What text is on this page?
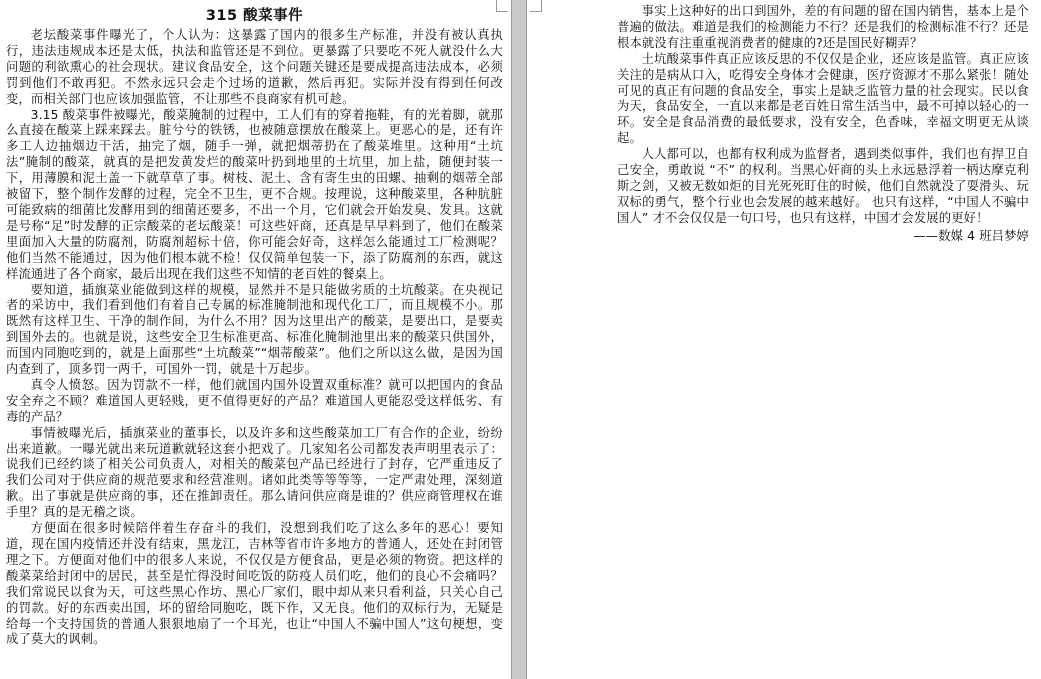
315 酸菜事件

老坛酸菜事件曝光了，个人认为：这暴露了国内的很多生产标准，并没有被认真执行，违法违规成本还是太低，执法和监管还是不到位。更暴露了只要吃不死人就没什么大问题的利欲熏心的社会现状。建议食品安全，这个问题关键还是要成提高违法成本，必须罚到他们不敢再犯。不然永远只会走个过场的道歉，然后再犯。实际并没有得到任何改变，而相关部门也应该加强监管，不让那些不良商家有机可趁。

3.15 酸菜事件被曝光，酸菜腌制的过程中，工人们有的穿着拖鞋，有的光着脚，就那么直接在酸菜上踩来踩去。脏兮兮的铁锈，也被随意摆放在酸菜上。更恶心的是，还有许多工人边抽烟边干活，抽完了烟，随手一弹，就把烟蒂扔在了酸菜堆里。这种用“土坑法”腌制的酸菜，就真的是把发黄发烂的酸菜叶扔到地里的土坑里，加上盐，随便封装一下，用薄膜和泥土盖一下就草草了事。树枝、泥土、含有寄生虫的田螺、抽剩的烟蒂全部被留下，整个制作发酵的过程，完全不卫生，更不合规。按理说，这种酸菜里，各种肮脏可能致病的细菌比发酵用到的细菌还要多，不出一个月，它们就会开始发臭、发具。这就是号称“足”时发酵的正宗酸菜的老坛酸菜！可这些奸商，还真是早早料到了，他们在酸菜里面加入大量的防腐剂，防腐剂超标十倍，你可能会好奇，这样怎么能通过工厂检测呢？他们当然不能通过，因为他们根本就不检！仅仅简单包装一下，添了防腐剂的东西，就这样流通进了各个商家，最后出现在我们这些不知情的老百姓的餐桌上。

要知道，插旗菜业能做到这样的规模，显然并不是只能做劣质的土坑酸菜。在央视记者的采访中，我们看到他们有着自己专属的标准腌制池和现代化工厂，而且规模不小。那既然有这样卫生、干净的制作间，为什么不用？因为这里出产的酸菜，是要出口，是要卖到国外去的。也就是说，这些安全卫生标准更高、标准化腌制池里出来的酸菜只供国外，而国内同胞吃到的，就是上面那些“土坑酸菜”“烟蒂酸菜”。他们之所以这么做，是因为国内查到了，顶多罚一两千，可国外一罚，就是十万起步。

真令人愤怒。因为罚款不一样，他们就国内国外设置双重标准？就可以把国内的食品安全弃之不顾？难道国人更轻贱，更不值得更好的产品？难道国人更能忍受这样低劣、有毒的产品？

事情被曝光后，插旗菜业的董事长，以及许多和这些酸菜加工厂有合作的企业，纷纷出来道歉。一曝光就出来玩道歉就轻这套小把戏了。几家知名公司都发表声明里表示了：说我们已经约谈了相关公司负责人，对相关的酸菜包产品已经进行了封存，它严重违反了我们公司对于供应商的规范要求和经营准则。诸如此类等等等等，一定严肃处理，深刻道歉。出了事就是供应商的事，还在推卸责任。那么请问供应商是谁的？供应商管理权在谁手里？真的是无稽之谈。

方便面在很多时候陪伴着生存奋斗的我们，没想到我们吃了这么多年的恶心！要知道，现在国内疫情还并没有结束，黑龙江，吉林等省市许多地方的普通人，还处在封闭管理之下。方便面对他们中的很多人来说，不仅仅是方便食品，更是必须的物资。把这样的酸菜菜给封闭中的居民，甚至是忙得没时间吃饭的防疫人员们吃，他们的良心不会痛吗？我们常说民以食为天，可这些黑心作坊、黑心厂家们，眼中却从来只看利益，只关心自己的罚款。好的东西卖出国，坏的留给同胞吃，既下作，又无良。他们的双标行为，无疑是给每一个支持国货的普通人狠狠地扇了一个耳光，也让“中国人不骗中国人”这句梗想，变成了莫大的讽刺。

事实上这种好的出口到国外，差的有问题的留在国内销售，基本上是个普遍的做法。难道是我们的检测能力不行？还是我们的检测标准不行？还是根本就没有注重重视消费者的健康的?还是国民好糊弄？

土坑酸菜事件真正应该反思的不仅仅是企业，还应该是监管。真正应该关注的是病从口入，吃得安全身体才会健康，医疗资源才不那么紧张！随处可见的真正有问题的食品安全，事实上是缺乏监管力量的社会现实。民以食为天，食品安全，一直以来都是老百姓日常生活当中，最不可掉以轻心的一环。安全是食品消费的最低要求，没有安全，色香味，幸福文明更无从谈起。

人人都可以，也都有权利成为监督者，遇到类似事件，我们也有捍卫自己安全，勇敢说 “不” 的权利。当黑心奸商的头上永远悬浮着一柄达摩克利斯之剑，又被无数如炬的目光死死盯住的时候，他们自然就没了耍滑头、玩双标的勇气，整个行业也会发展的越来越好。 也只有这样，“中国人不骗中国人” 才不会仅仅是一句口号，也只有这样，中国才会发展的更好！

——数媒 4 班吕梦婷
